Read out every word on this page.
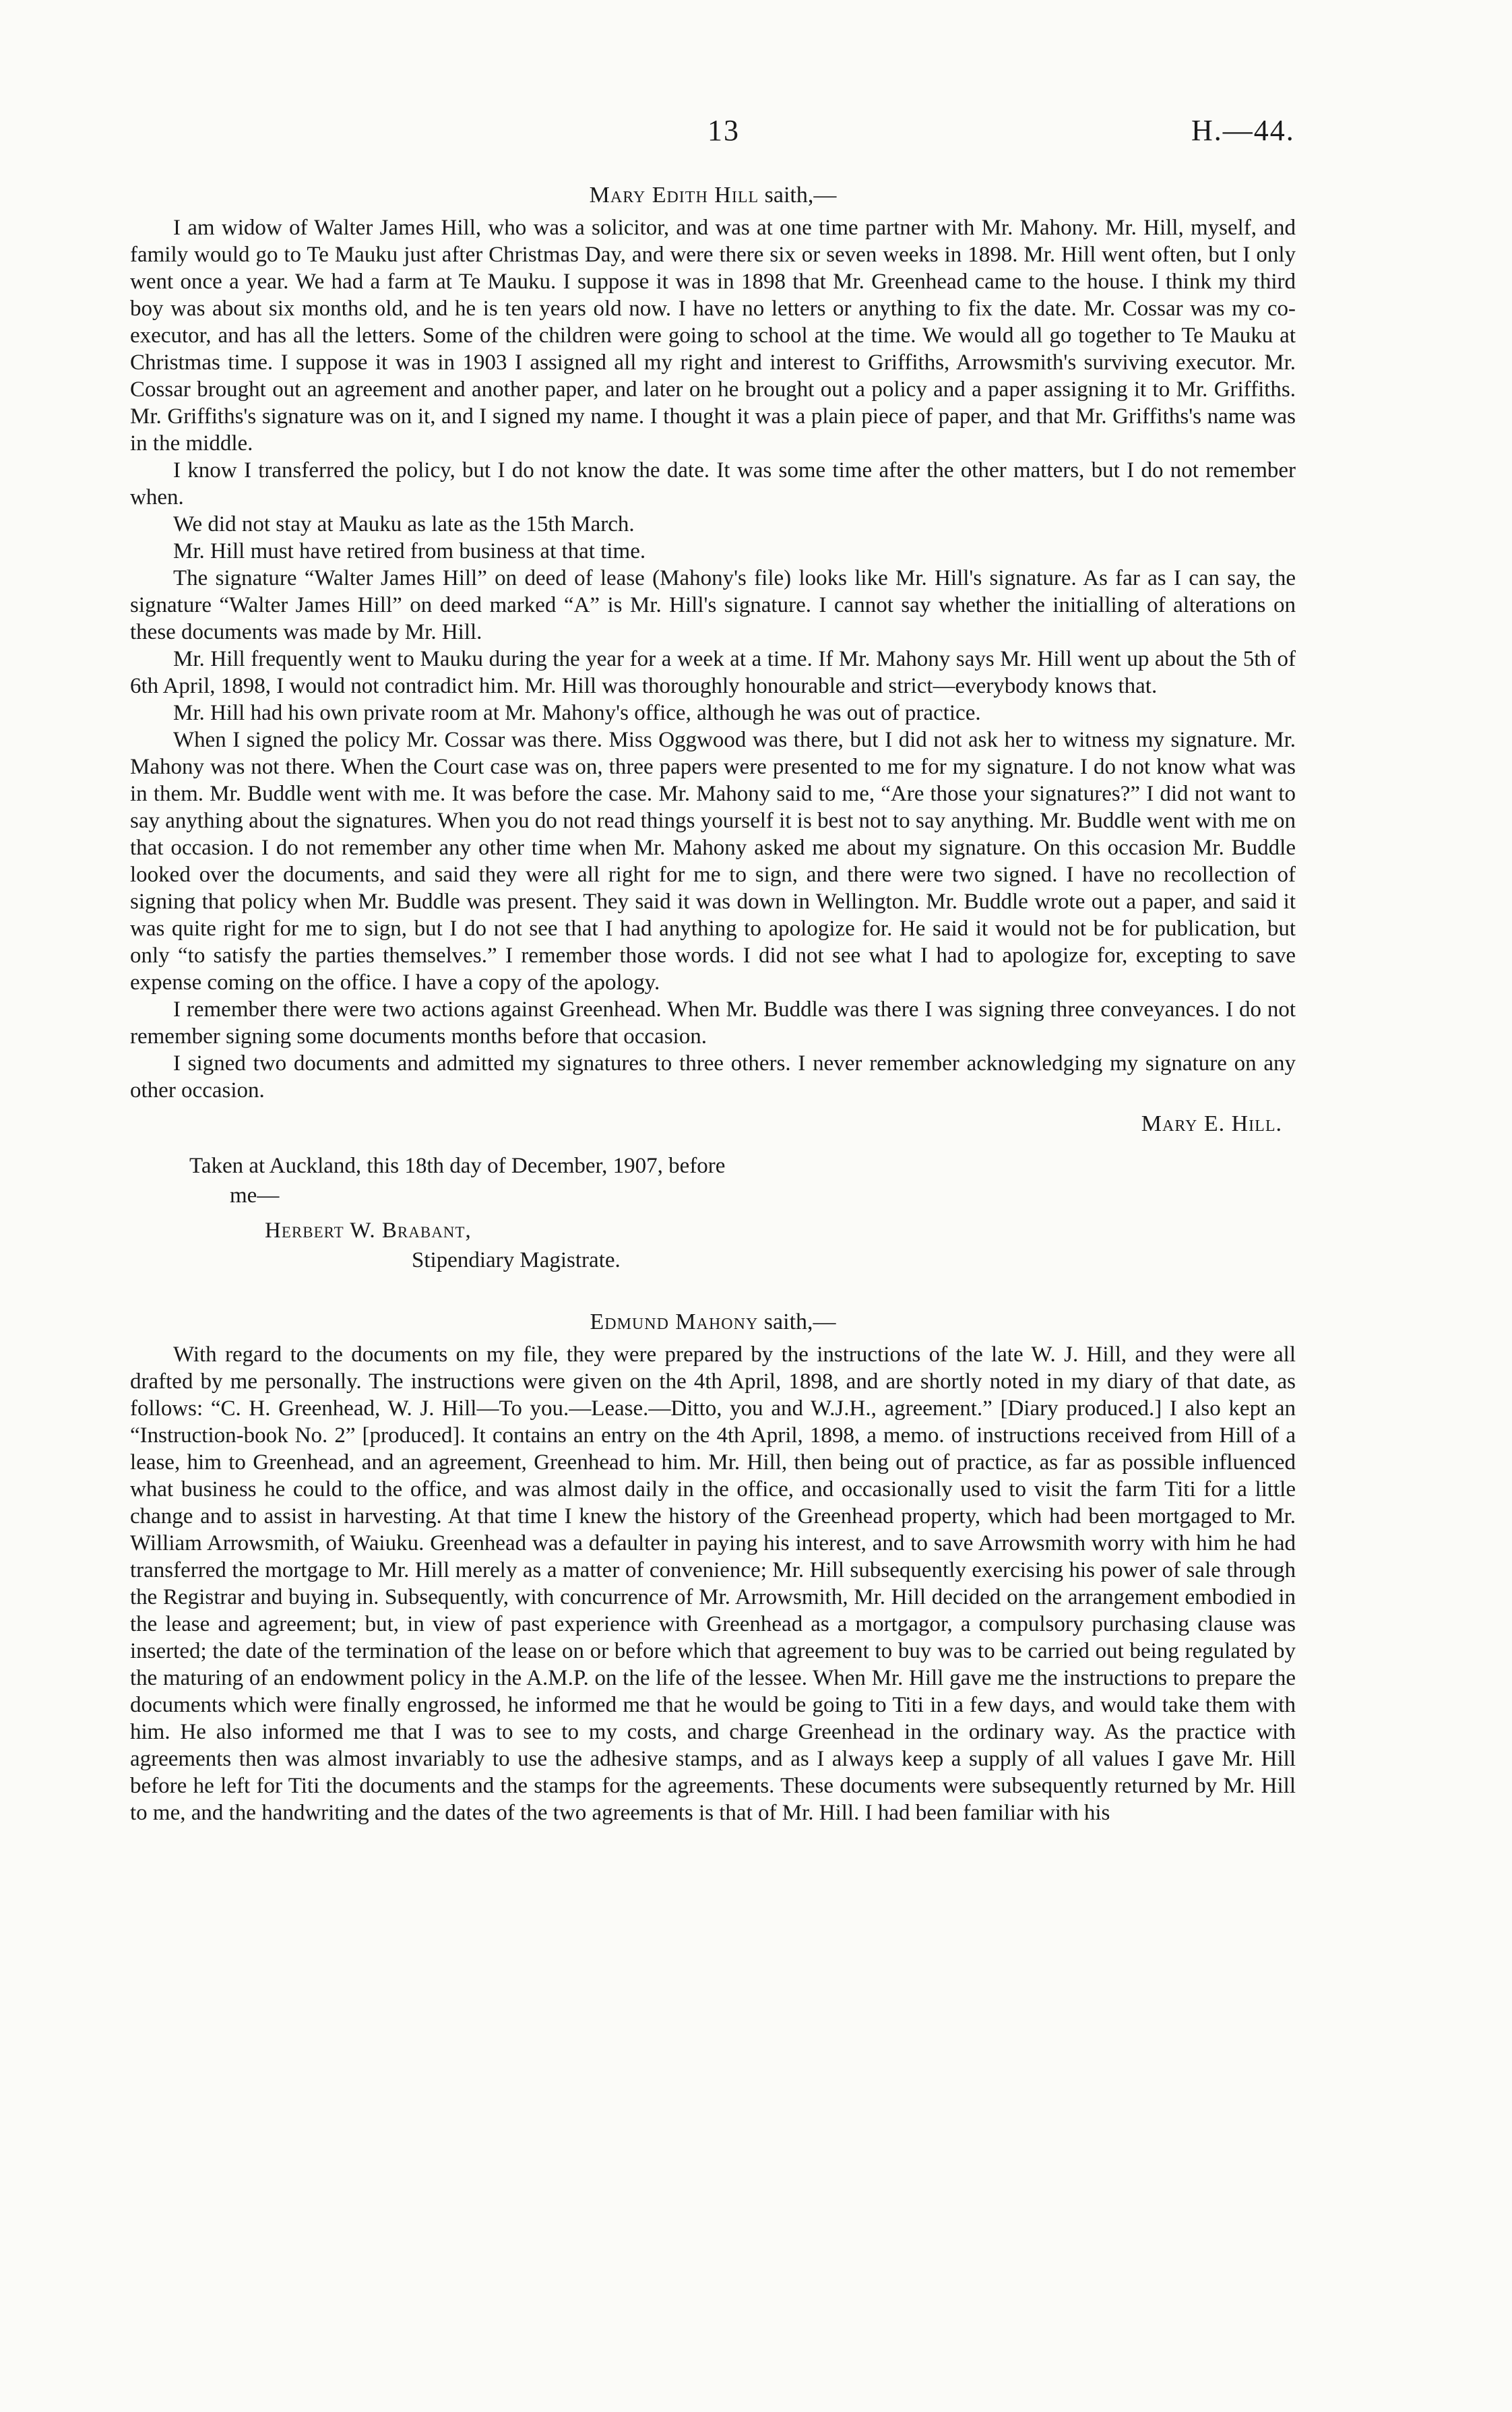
13	H.—44.
Mary Edith Hill saith,—

I am widow of Walter James Hill, who was a solicitor, and was at one time partner with Mr. Mahony. Mr. Hill, myself, and family would go to Te Mauku just after Christmas Day, and were there six or seven weeks in 1898. Mr. Hill went often, but I only went once a year. We had a farm at Te Mauku. I suppose it was in 1898 that Mr. Greenhead came to the house. I think my third boy was about six months old, and he is ten years old now. I have no letters or anything to fix the date. Mr. Cossar was my co-executor, and has all the letters. Some of the children were going to school at the time. We would all go together to Te Mauku at Christmas time. I suppose it was in 1903 I assigned all my right and interest to Griffiths, Arrowsmith's surviving executor. Mr. Cossar brought out an agreement and another paper, and later on he brought out a policy and a paper assigning it to Mr. Griffiths. Mr. Griffiths's signature was on it, and I signed my name. I thought it was a plain piece of paper, and that Mr. Griffiths's name was in the middle.

I know I transferred the policy, but I do not know the date. It was some time after the other matters, but I do not remember when.

We did not stay at Mauku as late as the 15th March.

Mr. Hill must have retired from business at that time.

The signature “Walter James Hill” on deed of lease (Mahony's file) looks like Mr. Hill's signature. As far as I can say, the signature “Walter James Hill” on deed marked “A” is Mr. Hill's signature. I cannot say whether the initialling of alterations on these documents was made by Mr. Hill.

Mr. Hill frequently went to Mauku during the year for a week at a time. If Mr. Mahony says Mr. Hill went up about the 5th of 6th April, 1898, I would not contradict him. Mr. Hill was thoroughly honourable and strict—everybody knows that.

Mr. Hill had his own private room at Mr. Mahony's office, although he was out of practice.

When I signed the policy Mr. Cossar was there. Miss Oggwood was there, but I did not ask her to witness my signature. Mr. Mahony was not there. When the Court case was on, three papers were presented to me for my signature. I do not know what was in them. Mr. Buddle went with me. It was before the case. Mr. Mahony said to me, “Are those your signatures?” I did not want to say anything about the signatures. When you do not read things yourself it is best not to say anything. Mr. Buddle went with me on that occasion. I do not remember any other time when Mr. Mahony asked me about my signature. On this occasion Mr. Buddle looked over the documents, and said they were all right for me to sign, and there were two signed. I have no recollection of signing that policy when Mr. Buddle was present. They said it was down in Wellington. Mr. Buddle wrote out a paper, and said it was quite right for me to sign, but I do not see that I had anything to apologize for. He said it would not be for publication, but only “to satisfy the parties themselves.” I remember those words. I did not see what I had to apologize for, excepting to save expense coming on the office. I have a copy of the apology.

I remember there were two actions against Greenhead. When Mr. Buddle was there I was signing three conveyances. I do not remember signing some documents months before that occasion.

I signed two documents and admitted my signatures to three others. I never remember acknowledging my signature on any other occasion.

Mary E. Hill.
Taken at Auckland, this 18th day of December, 1907, before
me—
Herbert W. Brabant,
Stipendiary Magistrate.
Edmund Mahony saith,—

With regard to the documents on my file, they were prepared by the instructions of the late W. J. Hill, and they were all drafted by me personally. The instructions were given on the 4th April, 1898, and are shortly noted in my diary of that date, as follows: “C. H. Greenhead, W. J. Hill—To you.—Lease.—Ditto, you and W.J.H., agreement.” [Diary produced.] I also kept an “Instruction-book No. 2” [produced]. It contains an entry on the 4th April, 1898, a memo. of instructions received from Hill of a lease, him to Greenhead, and an agreement, Greenhead to him. Mr. Hill, then being out of practice, as far as possible influenced what business he could to the office, and was almost daily in the office, and occasionally used to visit the farm Titi for a little change and to assist in harvesting. At that time I knew the history of the Greenhead property, which had been mortgaged to Mr. William Arrowsmith, of Waiuku. Greenhead was a defaulter in paying his interest, and to save Arrowsmith worry with him he had transferred the mortgage to Mr. Hill merely as a matter of convenience; Mr. Hill subsequently exercising his power of sale through the Registrar and buying in. Subsequently, with concurrence of Mr. Arrowsmith, Mr. Hill decided on the arrangement embodied in the lease and agreement; but, in view of past experience with Greenhead as a mortgagor, a compulsory purchasing clause was inserted; the date of the termination of the lease on or before which that agreement to buy was to be carried out being regulated by the maturing of an endowment policy in the A.M.P. on the life of the lessee. When Mr. Hill gave me the instructions to prepare the documents which were finally engrossed, he informed me that he would be going to Titi in a few days, and would take them with him. He also informed me that I was to see to my costs, and charge Greenhead in the ordinary way. As the practice with agreements then was almost invariably to use the adhesive stamps, and as I always keep a supply of all values I gave Mr. Hill before he left for Titi the documents and the stamps for the agreements. These documents were subsequently returned by Mr. Hill to me, and the handwriting and the dates of the two agreements is that of Mr. Hill. I had been familiar with his
